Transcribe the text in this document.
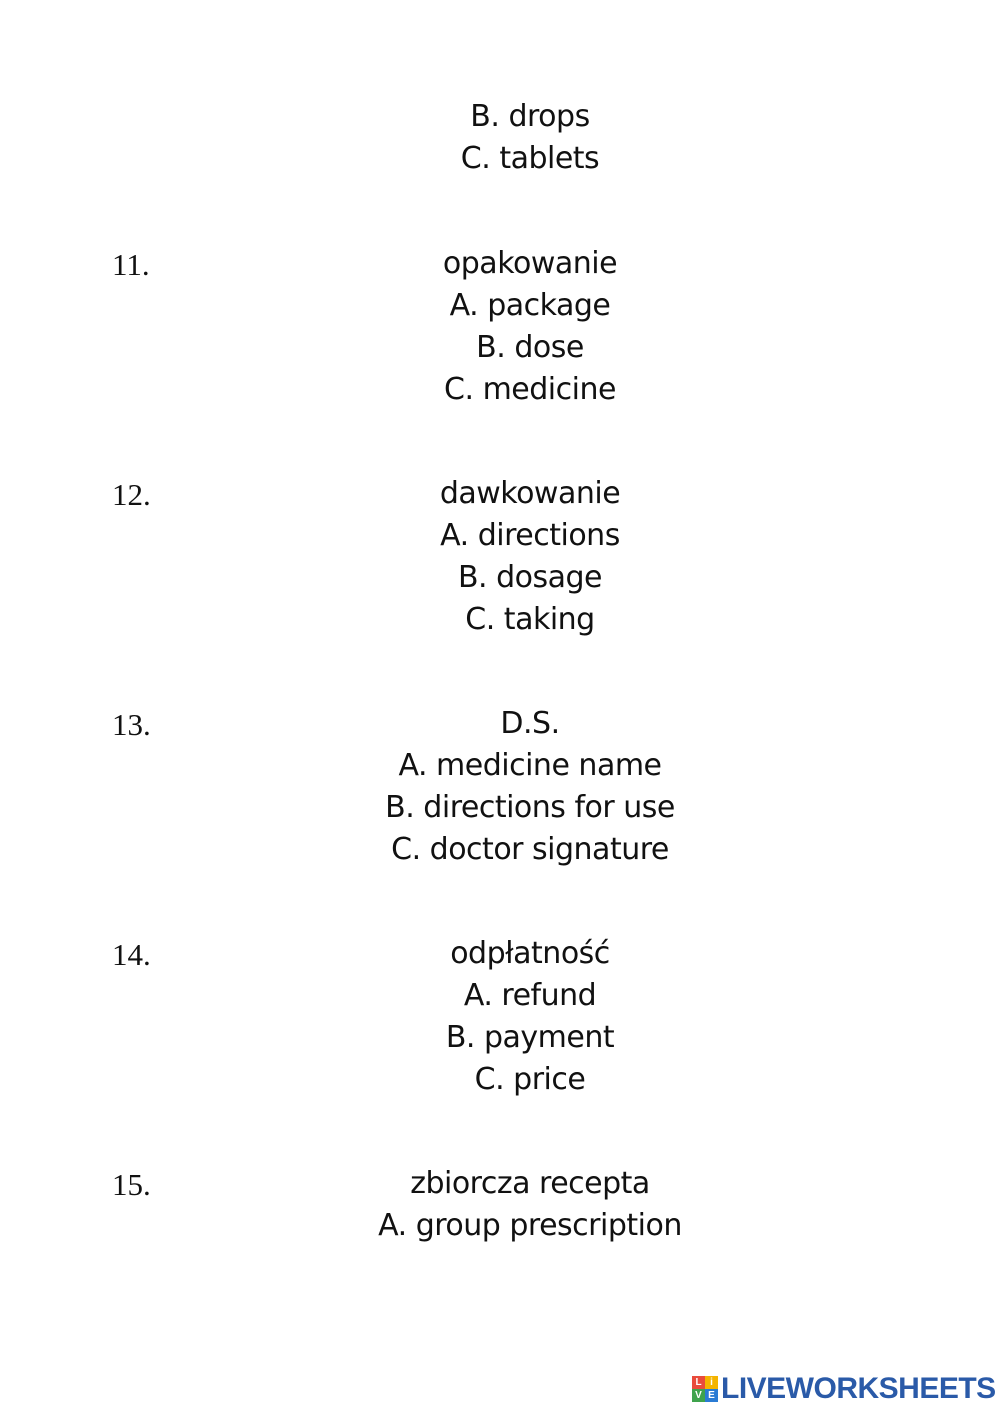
B. drops
C. tablets
11.	opakowanie
A. package
B. dose
C. medicine
12.	dawkowanie
A. directions
B. dosage
C. taking
13.	D.S.
A. medicine name
B. directions for use
C. doctor signature
14.	odpłatność
A. refund
B. payment
C. price
15.	zbiorcza recepta
A. group prescription
L i
V E LIVEWORKSHEETS
